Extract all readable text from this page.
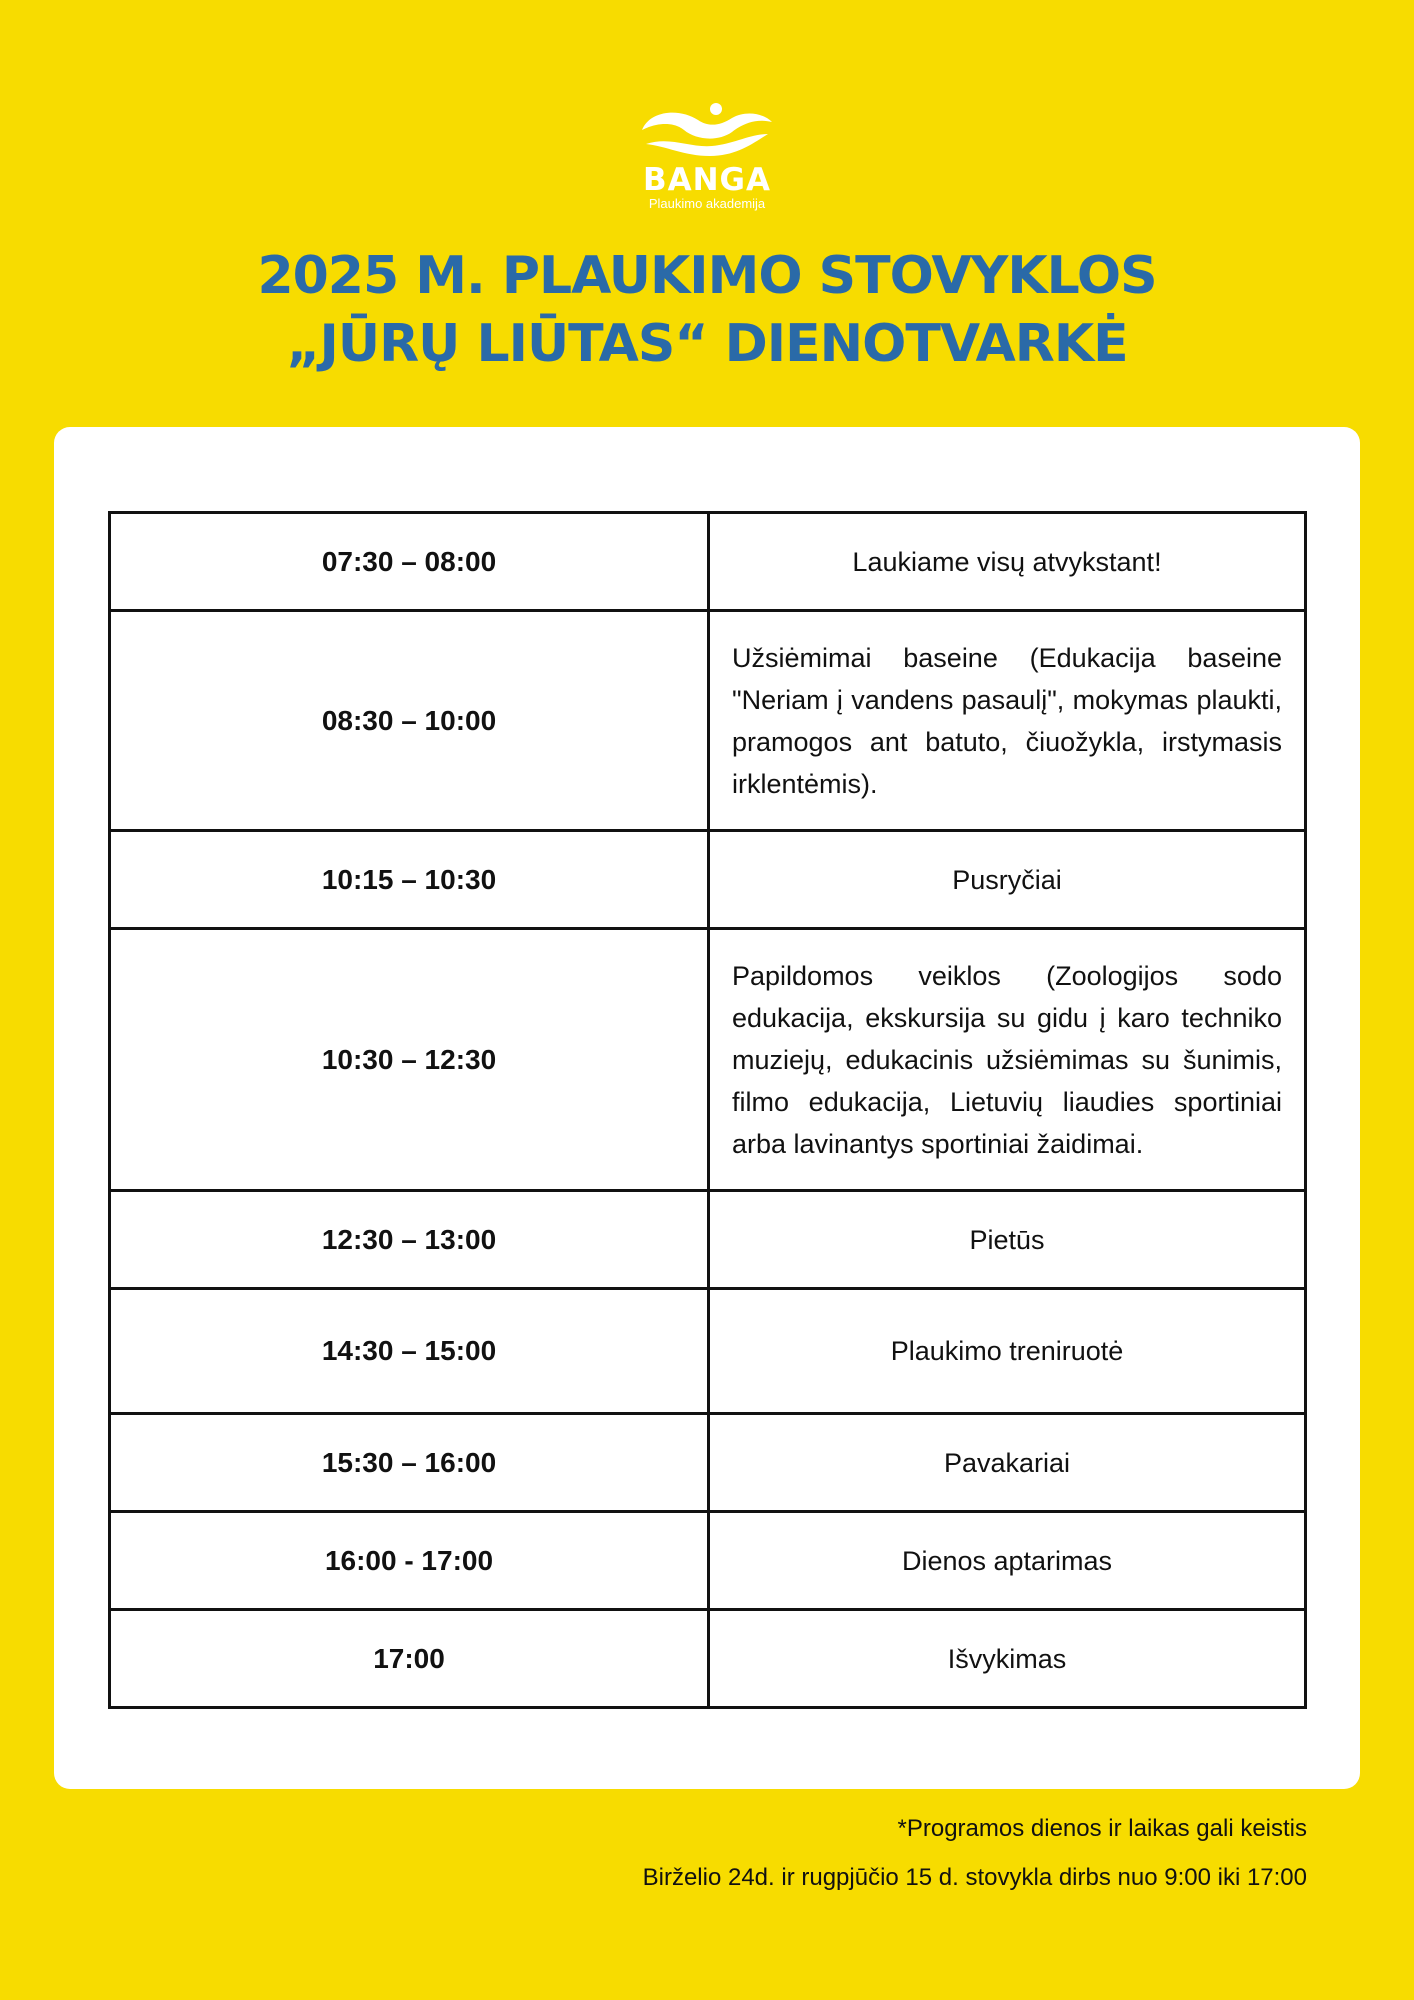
BANGA
Plaukimo akademija
2025 M. PLAUKIMO STOVYKLOS
„JŪRŲ LIŪTAS“ DIENOTVARKĖ
07:30 – 08:00	Laukiame visų atvykstant!
08:30 – 10:00	Užsiėmimai baseine (Edukacija baseine "Neriam į vandens pasaulį", mokymas plaukti, pramogos ant batuto, čiuožykla, irstymasis irklentėmis).
10:15 – 10:30	Pusryčiai
10:30 – 12:30	Papildomos veiklos (Zoologijos sodo edukacija, ekskursija su gidu į karo techniko muziejų, edukacinis užsiėmimas su šunimis, filmo edukacija, Lietuvių liaudies sportiniai arba lavinantys sportiniai žaidimai.
12:30 – 13:00	Pietūs
14:30 – 15:00	Plaukimo treniruotė
15:30 – 16:00	Pavakariai
16:00 - 17:00	Dienos aptarimas
17:00	Išvykimas
*Programos dienos ir laikas gali keistis
Birželio 24d. ir rugpjūčio 15 d. stovykla dirbs nuo 9:00 iki 17:00
